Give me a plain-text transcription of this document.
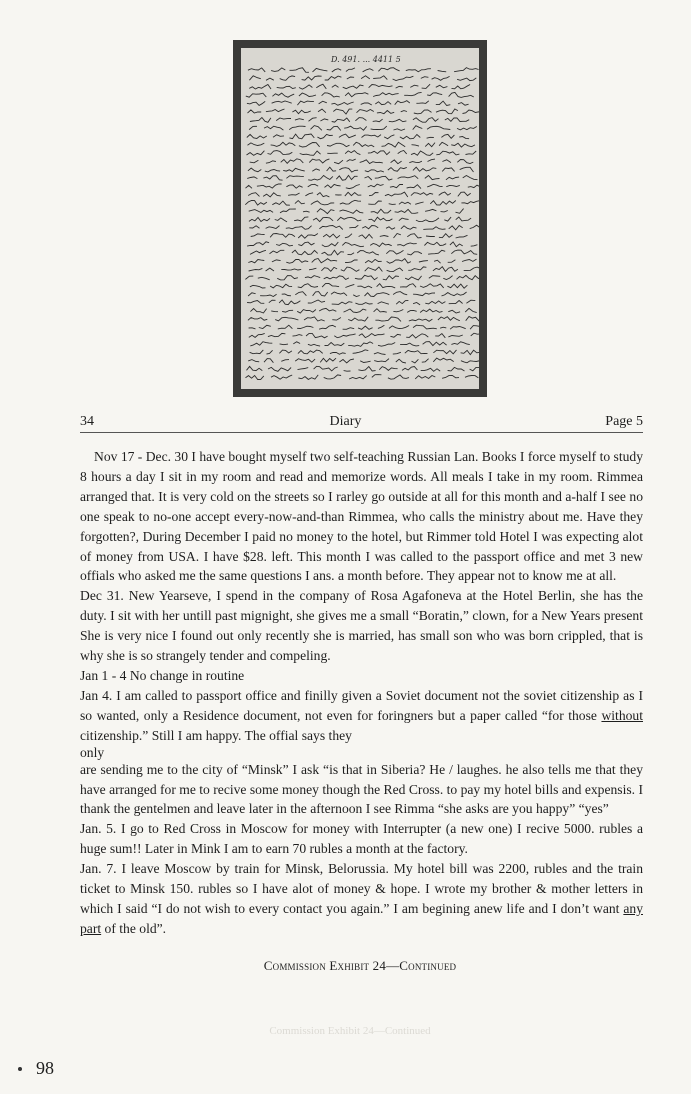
D. 491. ... 4411 5
34	Diary	Page 5

Nov 17 - Dec. 30 I have bought myself two self-teaching Russian Lan. Books I force myself to study 8 hours a day I sit in my room and read and memorize words. All meals I take in my room. Rimmea arranged that. It is very cold on the streets so I rarley go outside at all for this month and a-half I see no one speak to no-one accept every-now-and-than Rimmea, who calls the ministry about me. Have they forgotten?, During December I paid no money to the hotel, but Rimmer told Hotel I was expecting alot of money from USA. I have $28. left. This month I was called to the passport office and met 3 new offials who asked me the same questions I ans. a month before. They appear not to know me at all.

Dec 31. New Yearseve, I spend in the company of Rosa Agafoneva at the Hotel Berlin, she has the duty. I sit with her untill past mignight, she gives me a small “Boratin,” clown, for a New Years present She is very nice I found out only recently she is married, has small son who was born crippled, that is why she is so strangely tender and compeling.

Jan 1 - 4 No change in routine

Jan 4. I am called to passport office and finilly given a Soviet document not the soviet citizenship as I so wanted, only a Residence document, not even for foringners but a paper called “for those without citizenship.” Still I am happy. The offial says they

only

are sending me to the city of “Minsk” I ask “is that in Siberia? He / laughes. he also tells me that they have arranged for me to recive some money though the Red Cross. to pay my hotel bills and expensis. I thank the gentelmen and leave later in the afternoon I see Rimma “she asks are you happy” “yes”

Jan. 5. I go to Red Cross in Moscow for money with Interrupter (a new one) I recive 5000. rubles a huge sum!! Later in Mink I am to earn 70 rubles a month at the factory.

Jan. 7. I leave Moscow by train for Minsk, Belorussia. My hotel bill was 2200, rubles and the train ticket to Minsk 150. rubles so I have alot of money & hope. I wrote my brother & mother letters in which I said “I do not wish to every contact you again.” I am begining anew life and I don’t want any part of the old”.

Commission Exhibit 24—Continued
Commission Exhibit 24—Continued
98
